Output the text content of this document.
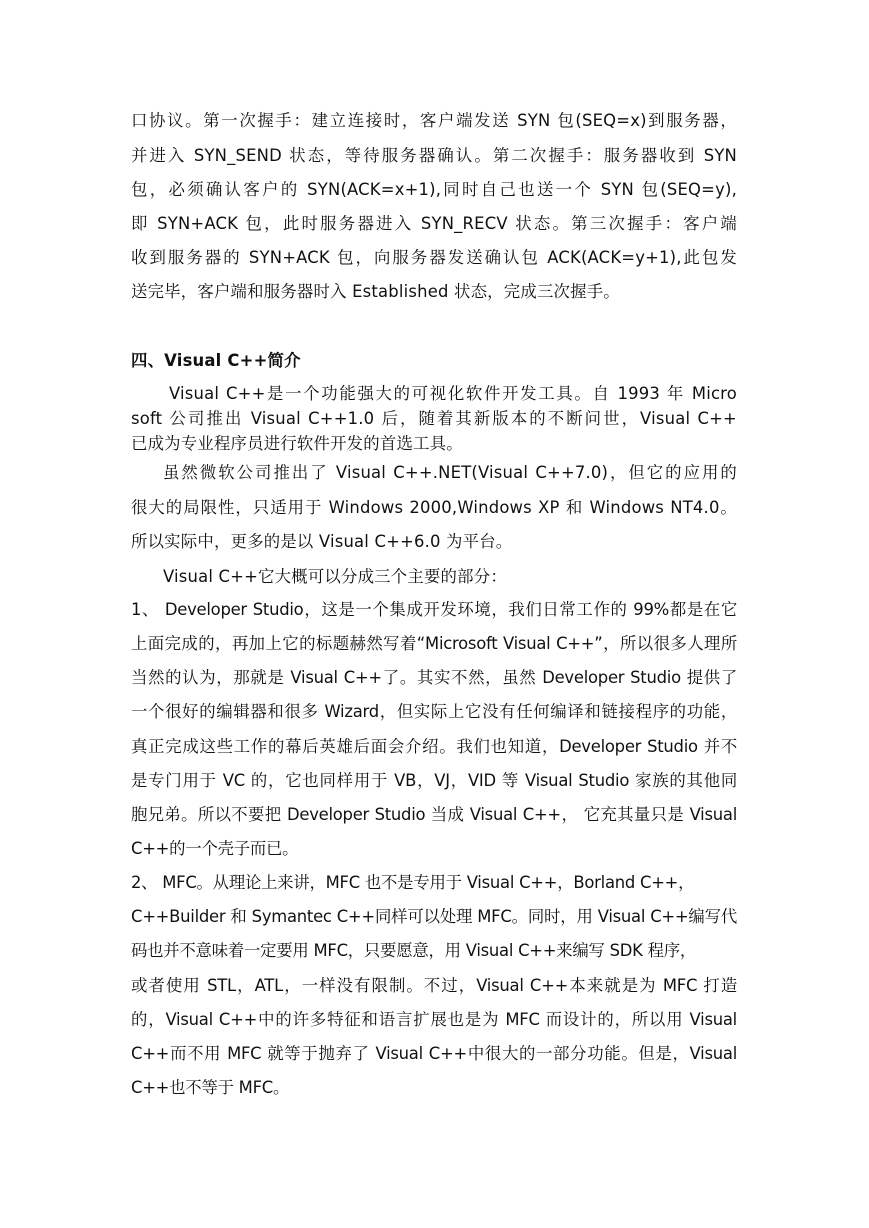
口协议。第一次握手：建立连接时，客户端发送 SYN 包(SEQ=x)到服务器，
并进入 SYN_SEND 状态，等待服务器确认。第二次握手：服务器收到 SYN
包，必须确认客户的 SYN(ACK=x+1),同时自己也送一个 SYN 包(SEQ=y),
即 SYN+ACK 包，此时服务器进入 SYN_RECV 状态。第三次握手：客户端
收到服务器的 SYN+ACK 包，向服务器发送确认包 ACK(ACK=y+1),此包发
送完毕，客户端和服务器时入 Established 状态，完成三次握手。
四、Visual C++简介
Visual C++是一个功能强大的可视化软件开发工具。自 1993 年 Micro
soft 公司推出 Visual C++1.0 后，随着其新版本的不断问世，Visual C++
已成为专业程序员进行软件开发的首选工具。
虽然微软公司推出了 Visual C++.NET(Visual C++7.0)，但它的应用的
很大的局限性，只适用于 Windows 2000,Windows XP 和 Windows NT4.0。
所以实际中，更多的是以 Visual C++6.0 为平台。
Visual C++它大概可以分成三个主要的部分：
1、 Developer Studio，这是一个集成开发环境，我们日常工作的 99%都是在它
上面完成的，再加上它的标题赫然写着“Microsoft Visual C++”，所以很多人理所
当然的认为，那就是 Visual C++了。其实不然，虽然 Developer Studio 提供了
一个很好的编辑器和很多 Wizard，但实际上它没有任何编译和链接程序的功能，
真正完成这些工作的幕后英雄后面会介绍。我们也知道，Developer Studio 并不
是专门用于 VC 的，它也同样用于 VB，VJ，VID 等 Visual Studio 家族的其他同
胞兄弟。所以不要把 Developer Studio 当成 Visual C++， 它充其量只是 Visual
C++的一个壳子而已。
2、 MFC。从理论上来讲，MFC 也不是专用于 Visual C++，Borland C++，
C++Builder 和 Symantec C++同样可以处理 MFC。同时，用 Visual C++编写代
码也并不意味着一定要用 MFC，只要愿意，用 Visual C++来编写 SDK 程序，
或者使用 STL，ATL，一样没有限制。不过，Visual C++本来就是为 MFC 打造
的，Visual C++中的许多特征和语言扩展也是为 MFC 而设计的，所以用 Visual
C++而不用 MFC 就等于抛弃了 Visual C++中很大的一部分功能。但是，Visual
C++也不等于 MFC。
